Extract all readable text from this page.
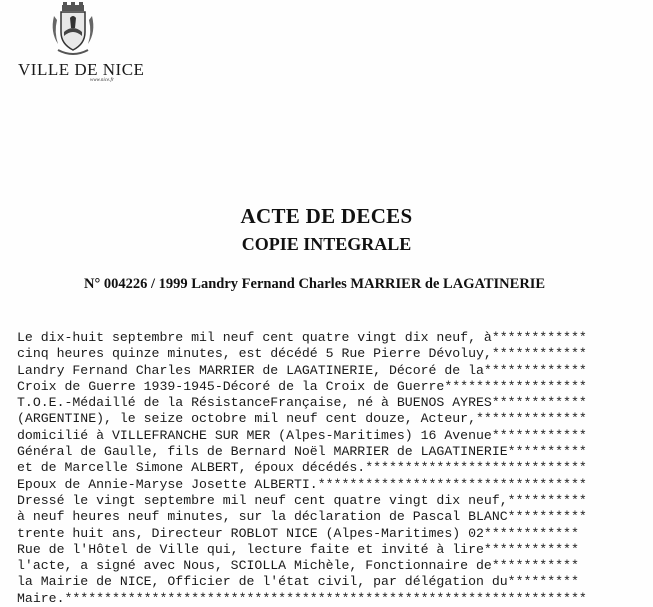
VILLE DE NICE
www.nice.fr
ACTE DE DECES
COPIE INTEGRALE
N° 004226 / 1999 Landry Fernand Charles MARRIER de LAGATINERIE
Le dix-huit septembre mil neuf cent quatre vingt dix neuf, à************
cinq heures quinze minutes, est décédé 5 Rue Pierre Dévoluy,************
Landry Fernand Charles MARRIER de LAGATINERIE, Décoré de la*************
Croix de Guerre 1939-1945-Décoré de la Croix de Guerre******************
T.O.E.-Médaillé de la RésistanceFrançaise, né à BUENOS AYRES************
(ARGENTINE), le seize octobre mil neuf cent douze, Acteur,**************
domicilié à VILLEFRANCHE SUR MER (Alpes-Maritimes) 16 Avenue************
Général de Gaulle, fils de Bernard Noël MARRIER de LAGATINERIE**********
et de Marcelle Simone ALBERT, époux décédés.****************************
Epoux de Annie-Maryse Josette ALBERTI.**********************************
Dressé le vingt septembre mil neuf cent quatre vingt dix neuf,**********
à neuf heures neuf minutes, sur la déclaration de Pascal BLANC**********
trente huit ans, Directeur ROBLOT NICE (Alpes-Maritimes) 02************
Rue de l'Hôtel de Ville qui, lecture faite et invité à lire************
l'acte, a signé avec Nous, SCIOLLA Michèle, Fonctionnaire de***********
la Mairie de NICE, Officier de l'état civil, par délégation du*********
Maire.******************************************************************
